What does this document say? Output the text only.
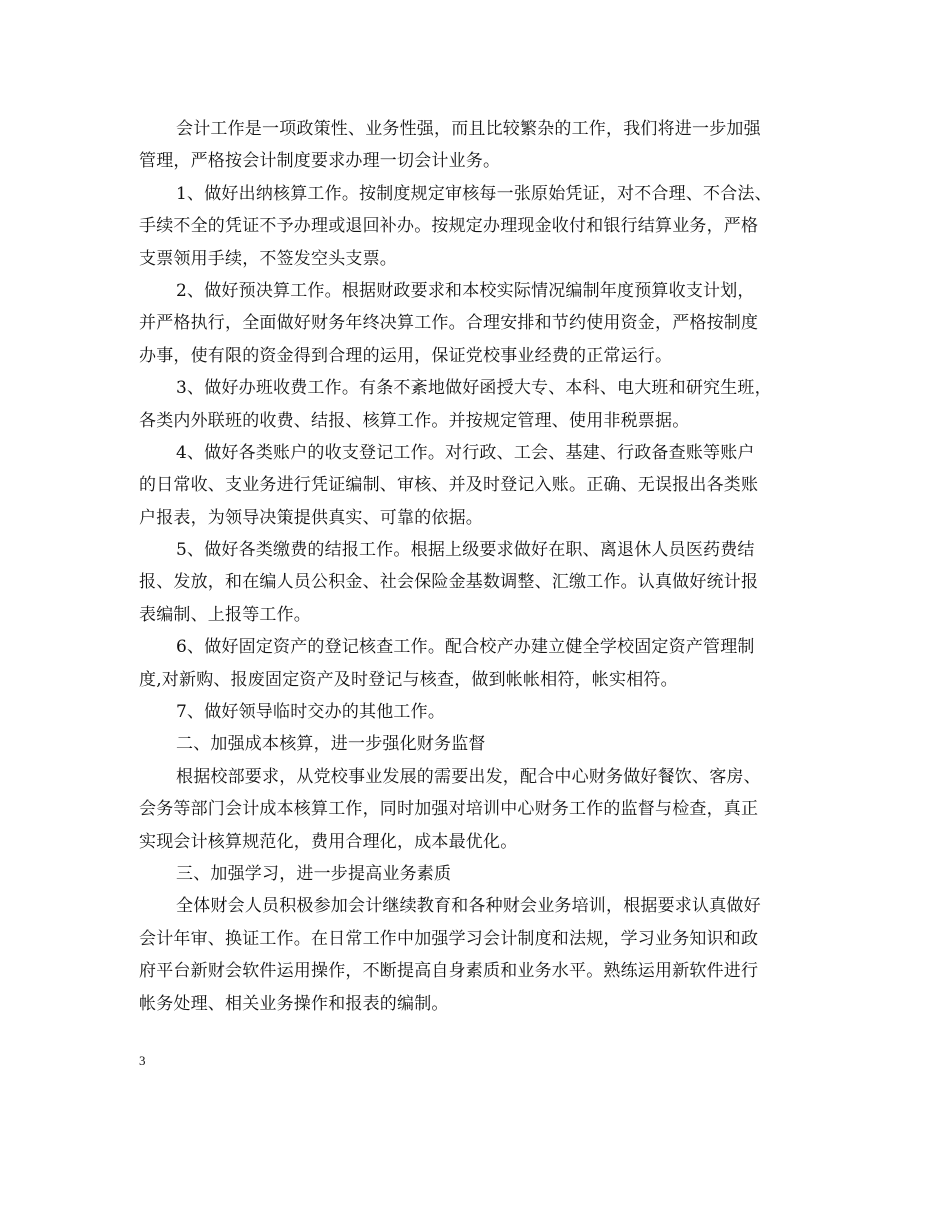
会计工作是一项政策性、业务性强，而且比较繁杂的工作，我们将进一步加强
管理，严格按会计制度要求办理一切会计业务。
1、做好出纳核算工作。按制度规定审核每一张原始凭证，对不合理、不合法、
手续不全的凭证不予办理或退回补办。按规定办理现金收付和银行结算业务，严格
支票领用手续，不签发空头支票。
2、做好预决算工作。根据财政要求和本校实际情况编制年度预算收支计划，
并严格执行，全面做好财务年终决算工作。合理安排和节约使用资金，严格按制度
办事，使有限的资金得到合理的运用，保证党校事业经费的正常运行。
3、做好办班收费工作。有条不紊地做好函授大专、本科、电大班和研究生班，
各类内外联班的收费、结报、核算工作。并按规定管理、使用非税票据。
4、做好各类账户的收支登记工作。对行政、工会、基建、行政备查账等账户
的日常收、支业务进行凭证编制、审核、并及时登记入账。正确、无误报出各类账
户报表，为领导决策提供真实、可靠的依据。
5、做好各类缴费的结报工作。根据上级要求做好在职、离退休人员医药费结
报、发放，和在编人员公积金、社会保险金基数调整、汇缴工作。认真做好统计报
表编制、上报等工作。
6、做好固定资产的登记核查工作。配合校产办建立健全学校固定资产管理制
度,对新购、报废固定资产及时登记与核查，做到帐帐相符，帐实相符。
7、做好领导临时交办的其他工作。
二、加强成本核算，进一步强化财务监督
根据校部要求，从党校事业发展的需要出发，配合中心财务做好餐饮、客房、
会务等部门会计成本核算工作，同时加强对培训中心财务工作的监督与检查，真正
实现会计核算规范化，费用合理化，成本最优化。
三、加强学习，进一步提高业务素质
全体财会人员积极参加会计继续教育和各种财会业务培训，根据要求认真做好
会计年审、换证工作。在日常工作中加强学习会计制度和法规，学习业务知识和政
府平台新财会软件运用操作，不断提高自身素质和业务水平。熟练运用新软件进行
帐务处理、相关业务操作和报表的编制。
3
